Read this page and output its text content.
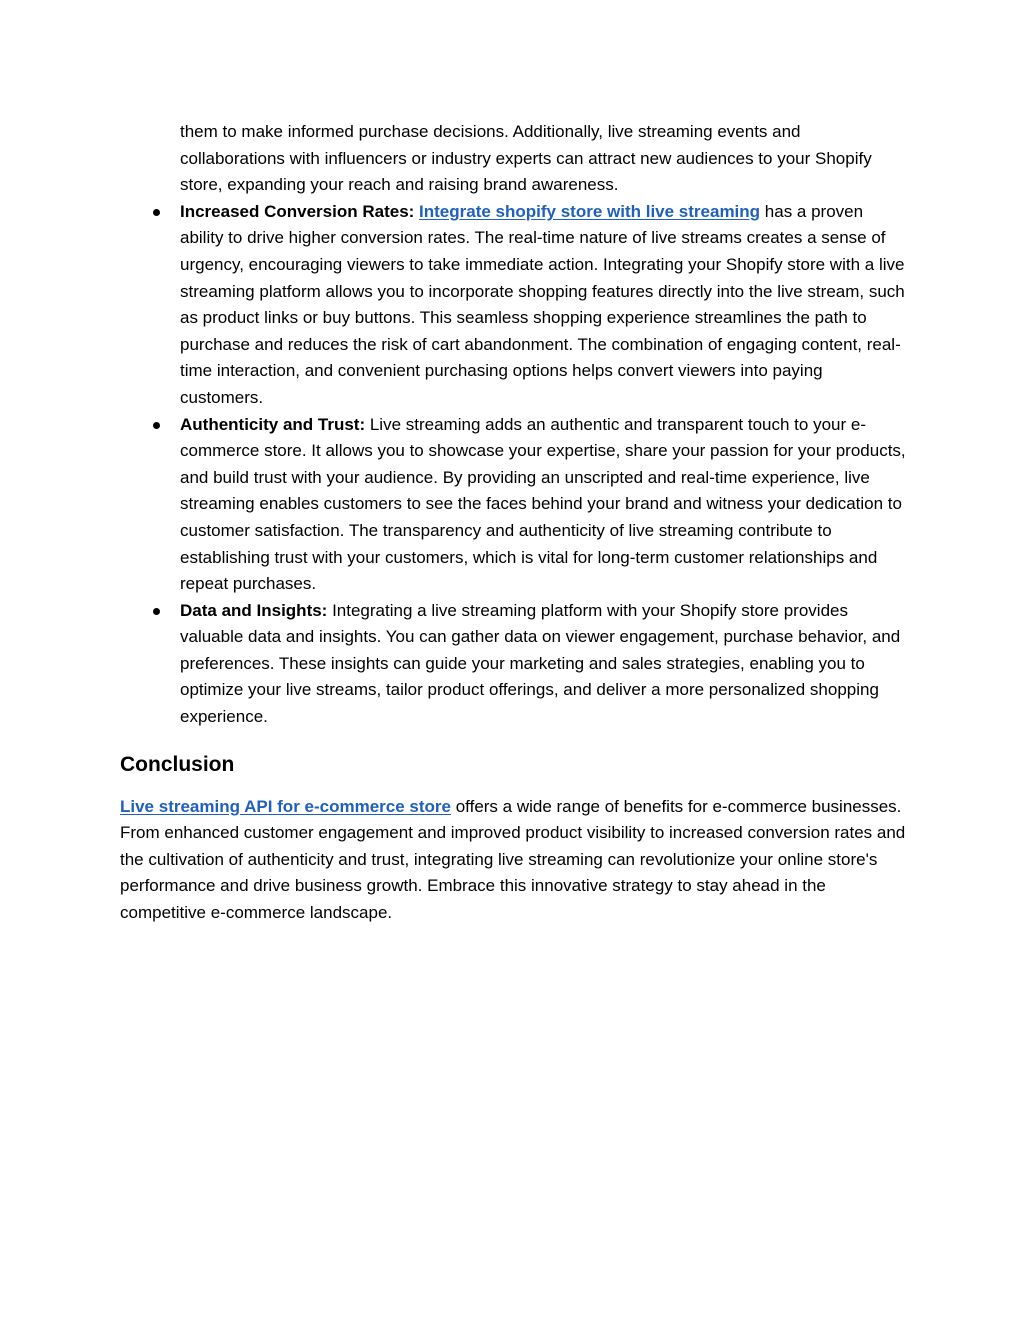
them to make informed purchase decisions. Additionally, live streaming events and collaborations with influencers or industry experts can attract new audiences to your Shopify store, expanding your reach and raising brand awareness.
Increased Conversion Rates: Integrate shopify store with live streaming has a proven ability to drive higher conversion rates. The real-time nature of live streams creates a sense of urgency, encouraging viewers to take immediate action. Integrating your Shopify store with a live streaming platform allows you to incorporate shopping features directly into the live stream, such as product links or buy buttons. This seamless shopping experience streamlines the path to purchase and reduces the risk of cart abandonment. The combination of engaging content, real-time interaction, and convenient purchasing options helps convert viewers into paying customers.
Authenticity and Trust: Live streaming adds an authentic and transparent touch to your e-commerce store. It allows you to showcase your expertise, share your passion for your products, and build trust with your audience. By providing an unscripted and real-time experience, live streaming enables customers to see the faces behind your brand and witness your dedication to customer satisfaction. The transparency and authenticity of live streaming contribute to establishing trust with your customers, which is vital for long-term customer relationships and repeat purchases.
Data and Insights: Integrating a live streaming platform with your Shopify store provides valuable data and insights. You can gather data on viewer engagement, purchase behavior, and preferences. These insights can guide your marketing and sales strategies, enabling you to optimize your live streams, tailor product offerings, and deliver a more personalized shopping experience.
Conclusion

Live streaming API for e-commerce store offers a wide range of benefits for e-commerce businesses. From enhanced customer engagement and improved product visibility to increased conversion rates and the cultivation of authenticity and trust, integrating live streaming can revolutionize your online store's performance and drive business growth. Embrace this innovative strategy to stay ahead in the competitive e-commerce landscape.
